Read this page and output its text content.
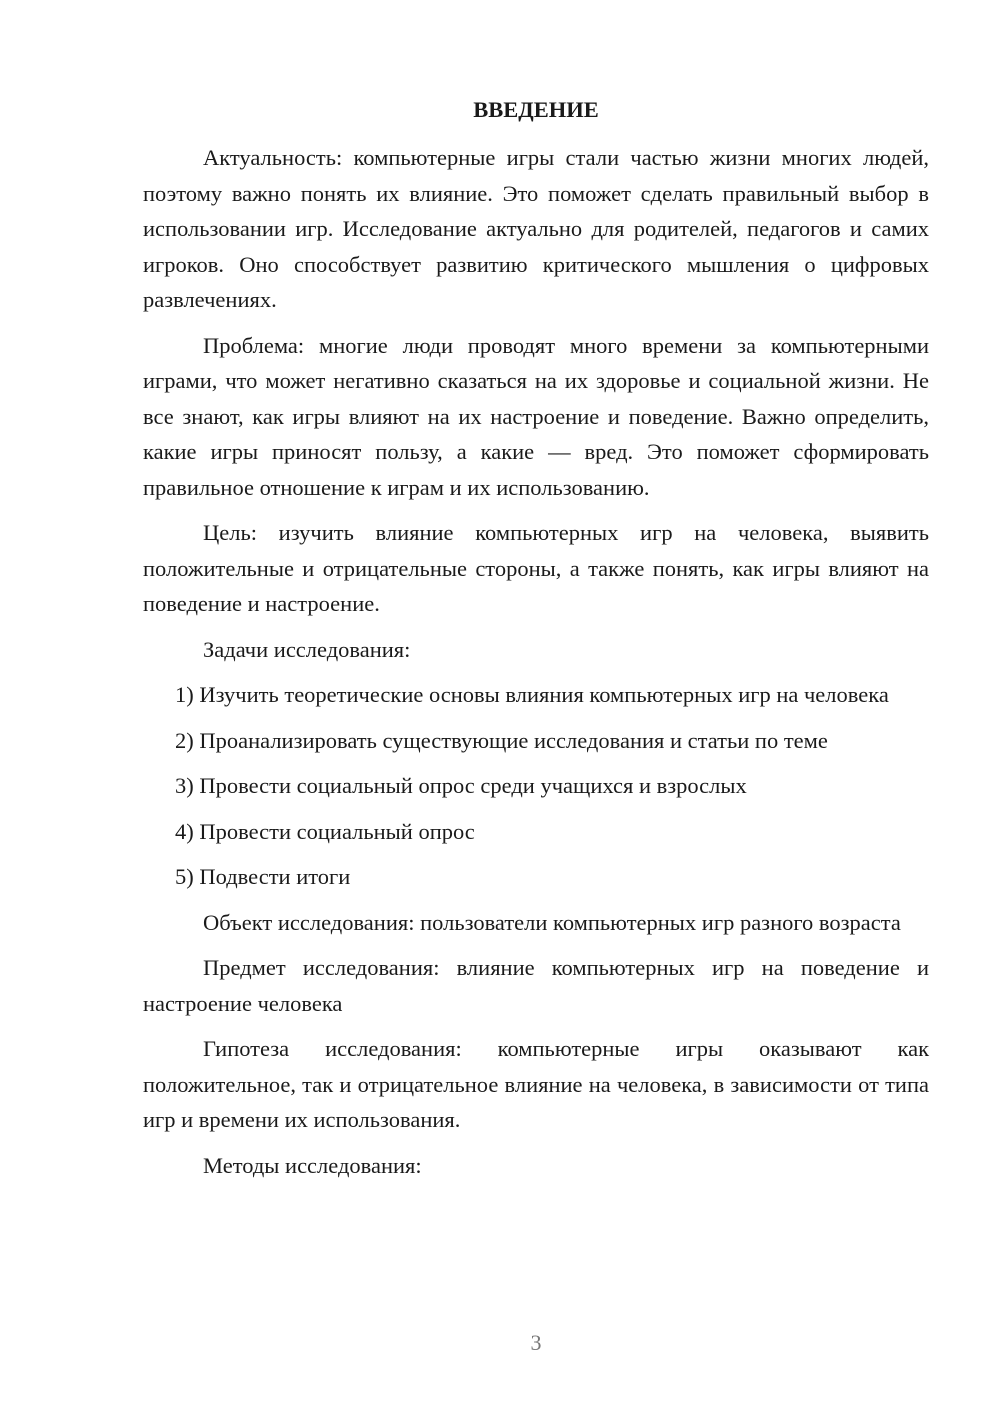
ВВЕДЕНИЕ

Актуальность: компьютерные игры стали частью жизни многих людей, поэтому важно понять их влияние. Это поможет сделать правильный выбор в использовании игр. Исследование актуально для родителей, педагогов и самих игроков. Оно способствует развитию критического мышления о цифровых развлечениях.

Проблема: многие люди проводят много времени за компьютерными играми, что может негативно сказаться на их здоровье и социальной жизни. Не все знают, как игры влияют на их настроение и поведение. Важно определить, какие игры приносят пользу, а какие — вред. Это поможет сформировать правильное отношение к играм и их использованию.

Цель: изучить влияние компьютерных игр на человека, выявить положительные и отрицательные стороны, а также понять, как игры влияют на поведение и настроение.

Задачи исследования:

1) Изучить теоретические основы влияния компьютерных игр на человека

2) Проанализировать существующие исследования и статьи по теме

3) Провести социальный опрос среди учащихся и взрослых

4) Провести социальный опрос

5) Подвести итоги

Объект исследования: пользователи компьютерных игр разного возраста

Предмет исследования: влияние компьютерных игр на поведение и настроение человека

Гипотеза исследования: компьютерные игры оказывают как положительное, так и отрицательное влияние на человека, в зависимости от типа игр и времени их использования.

Методы исследования:

3
